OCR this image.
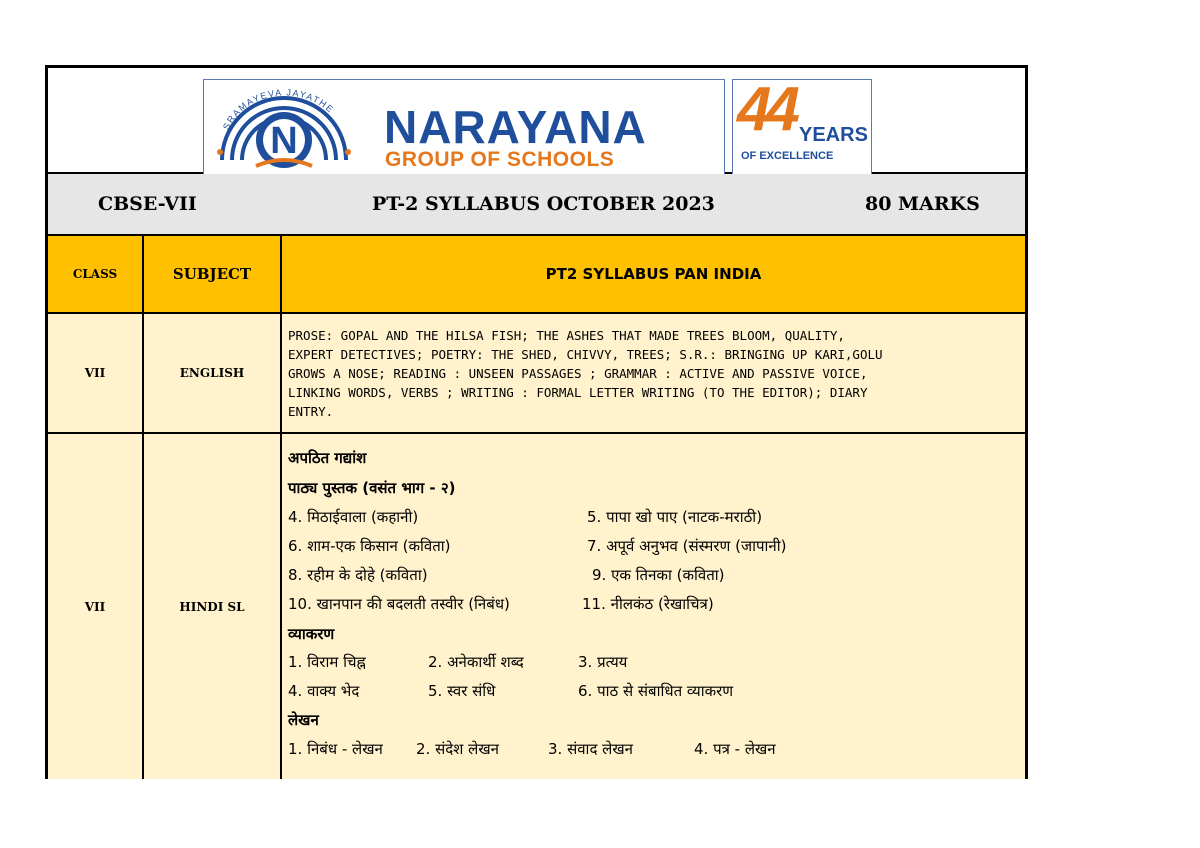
N
SRAMAYEVA JAYATHE NARAYANA
GROUP OF SCHOOLS
44 YEARS
OF EXCELLENCE
CBSE-VII	PT-2 SYLLABUS OCTOBER 2023	80 MARKS
CLASS	SUBJECT	PT2 SYLLABUS PAN INDIA
VII	ENGLISH
PROSE: GOPAL AND THE HILSA FISH; THE ASHES THAT MADE TREES BLOOM, QUALITY,
EXPERT DETECTIVES; POETRY: THE SHED, CHIVVY, TREES; S.R.: BRINGING UP KARI,GOLU
GROWS A NOSE; READING : UNSEEN PASSAGES ; GRAMMAR : ACTIVE AND PASSIVE VOICE,
LINKING WORDS, VERBS ; WRITING : FORMAL LETTER WRITING (TO THE EDITOR); DIARY
ENTRY.
VII	HINDI SL
अपठित गद्यांश
पाठ्य पुस्तक (वसंत भाग - २)
4. मिठाईवाला (कहानी)	5. पापा खो पाए (नाटक-मराठी)
6. शाम-एक किसान (कविता)	7. अपूर्व अनुभव (संस्मरण (जापानी)
8. रहीम के दोहे (कविता)	9. एक तिनका (कविता)
10. खानपान की बदलती तस्वीर (निबंध)	11. नीलकंठ (रेखाचित्र)
व्याकरण
1. विराम चिह्न	2. अनेकार्थी शब्द	3. प्रत्यय
4. वाक्य भेद	5. स्वर संधि	6. पाठ से संबाधित व्याकरण
लेखन
1. निबंध - लेखन 2. संदेश लेखन	3. संवाद लेखन	4. पत्र - लेखन
